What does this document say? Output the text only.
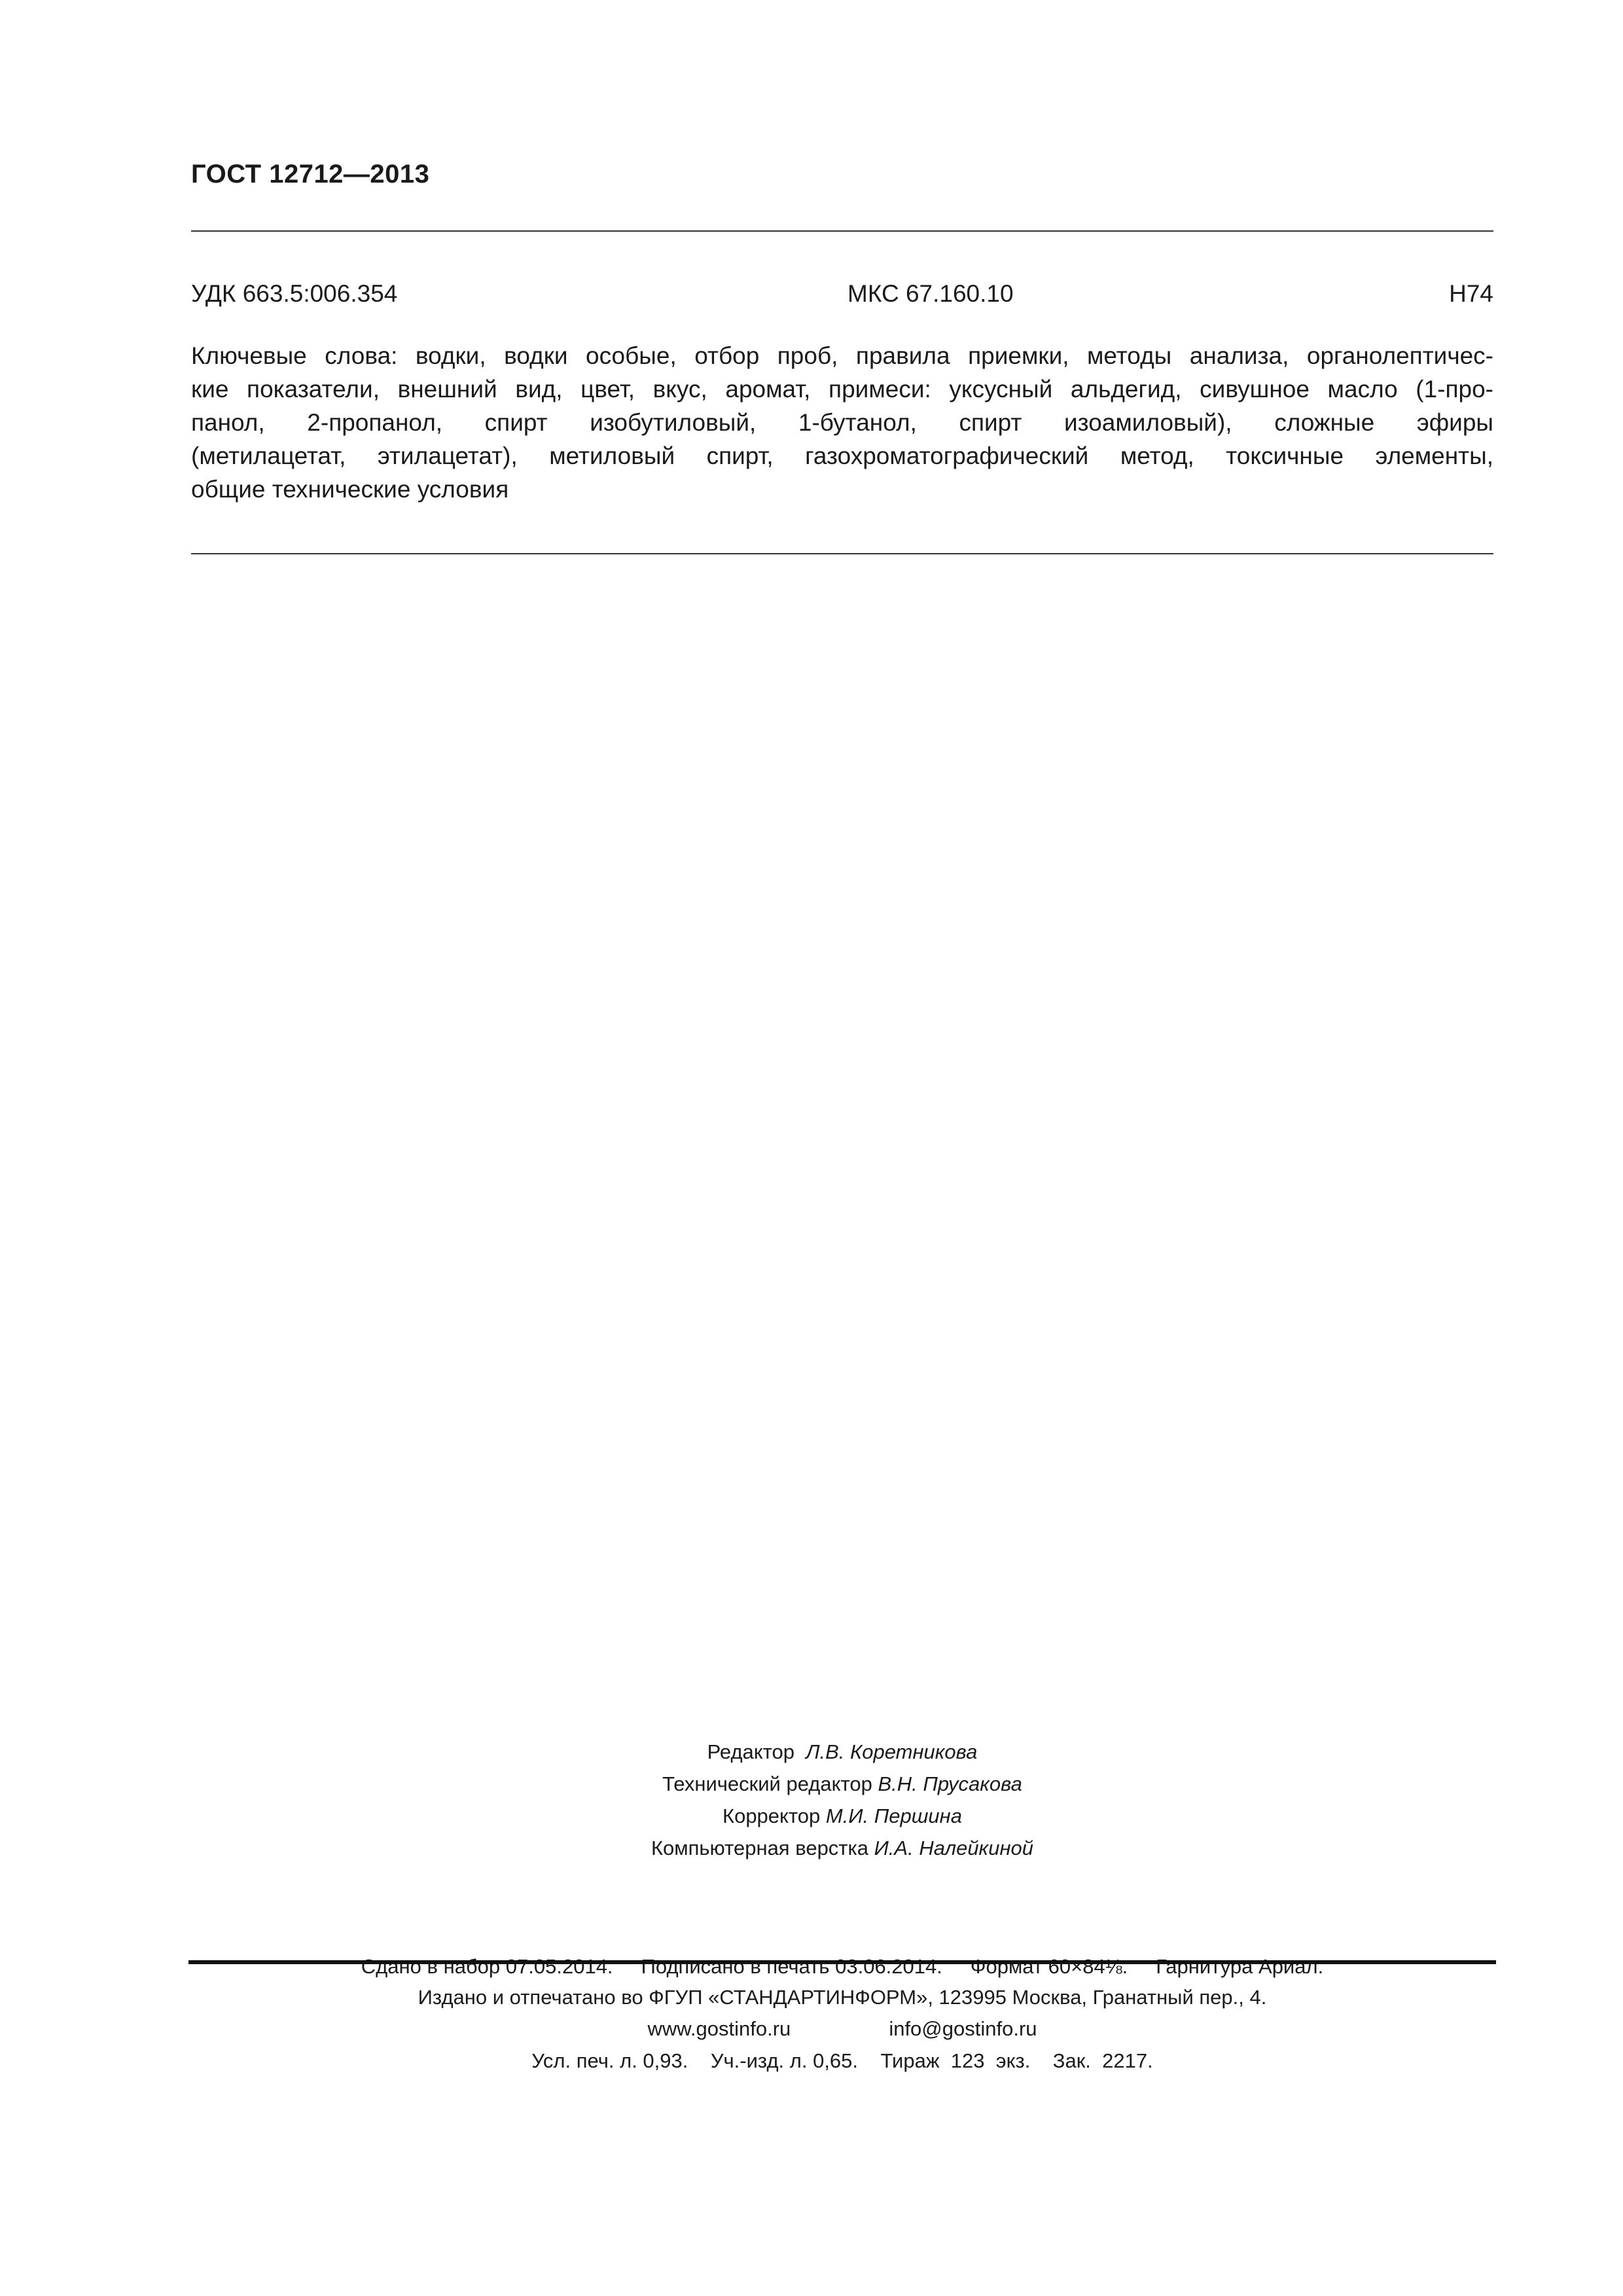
ГОСТ 12712—2013
УДК 663.5:006.354	МКС 67.160.10	Н74
Ключевые слова: водки, водки особые, отбор проб, правила приемки, методы анализа, органолептичес-
кие показатели, внешний вид, цвет, вкус, аромат, примеси: уксусный альдегид, сивушное масло (1-про-
панол, 2-пропанол, спирт изобутиловый, 1-бутанол, спирт изоамиловый), сложные эфиры
(метилацетат, этилацетат), метиловый спирт, газохроматографический метод, токсичные элементы,
общие технические условия
Редактор Л.В. Коретникова
Технический редактор В.Н. Прусакова
Корректор М.И. Першина
Компьютерная верстка И.А. Налейкиной

Сдано в набор 07.05.2014.     Подписано в печать 03.06.2014.     Формат 60×84⅛.     Гарнитура Ариал.

Усл. печ. л. 0,93.    Уч.-изд. л. 0,65.    Тираж  123  экз.    Зак.  2217.

Издано и отпечатано во ФГУП «СТАНДАРТИНФОРМ», 123995 Москва, Гранатный пер., 4.
www.gostinfo.ru	info@gostinfo.ru
